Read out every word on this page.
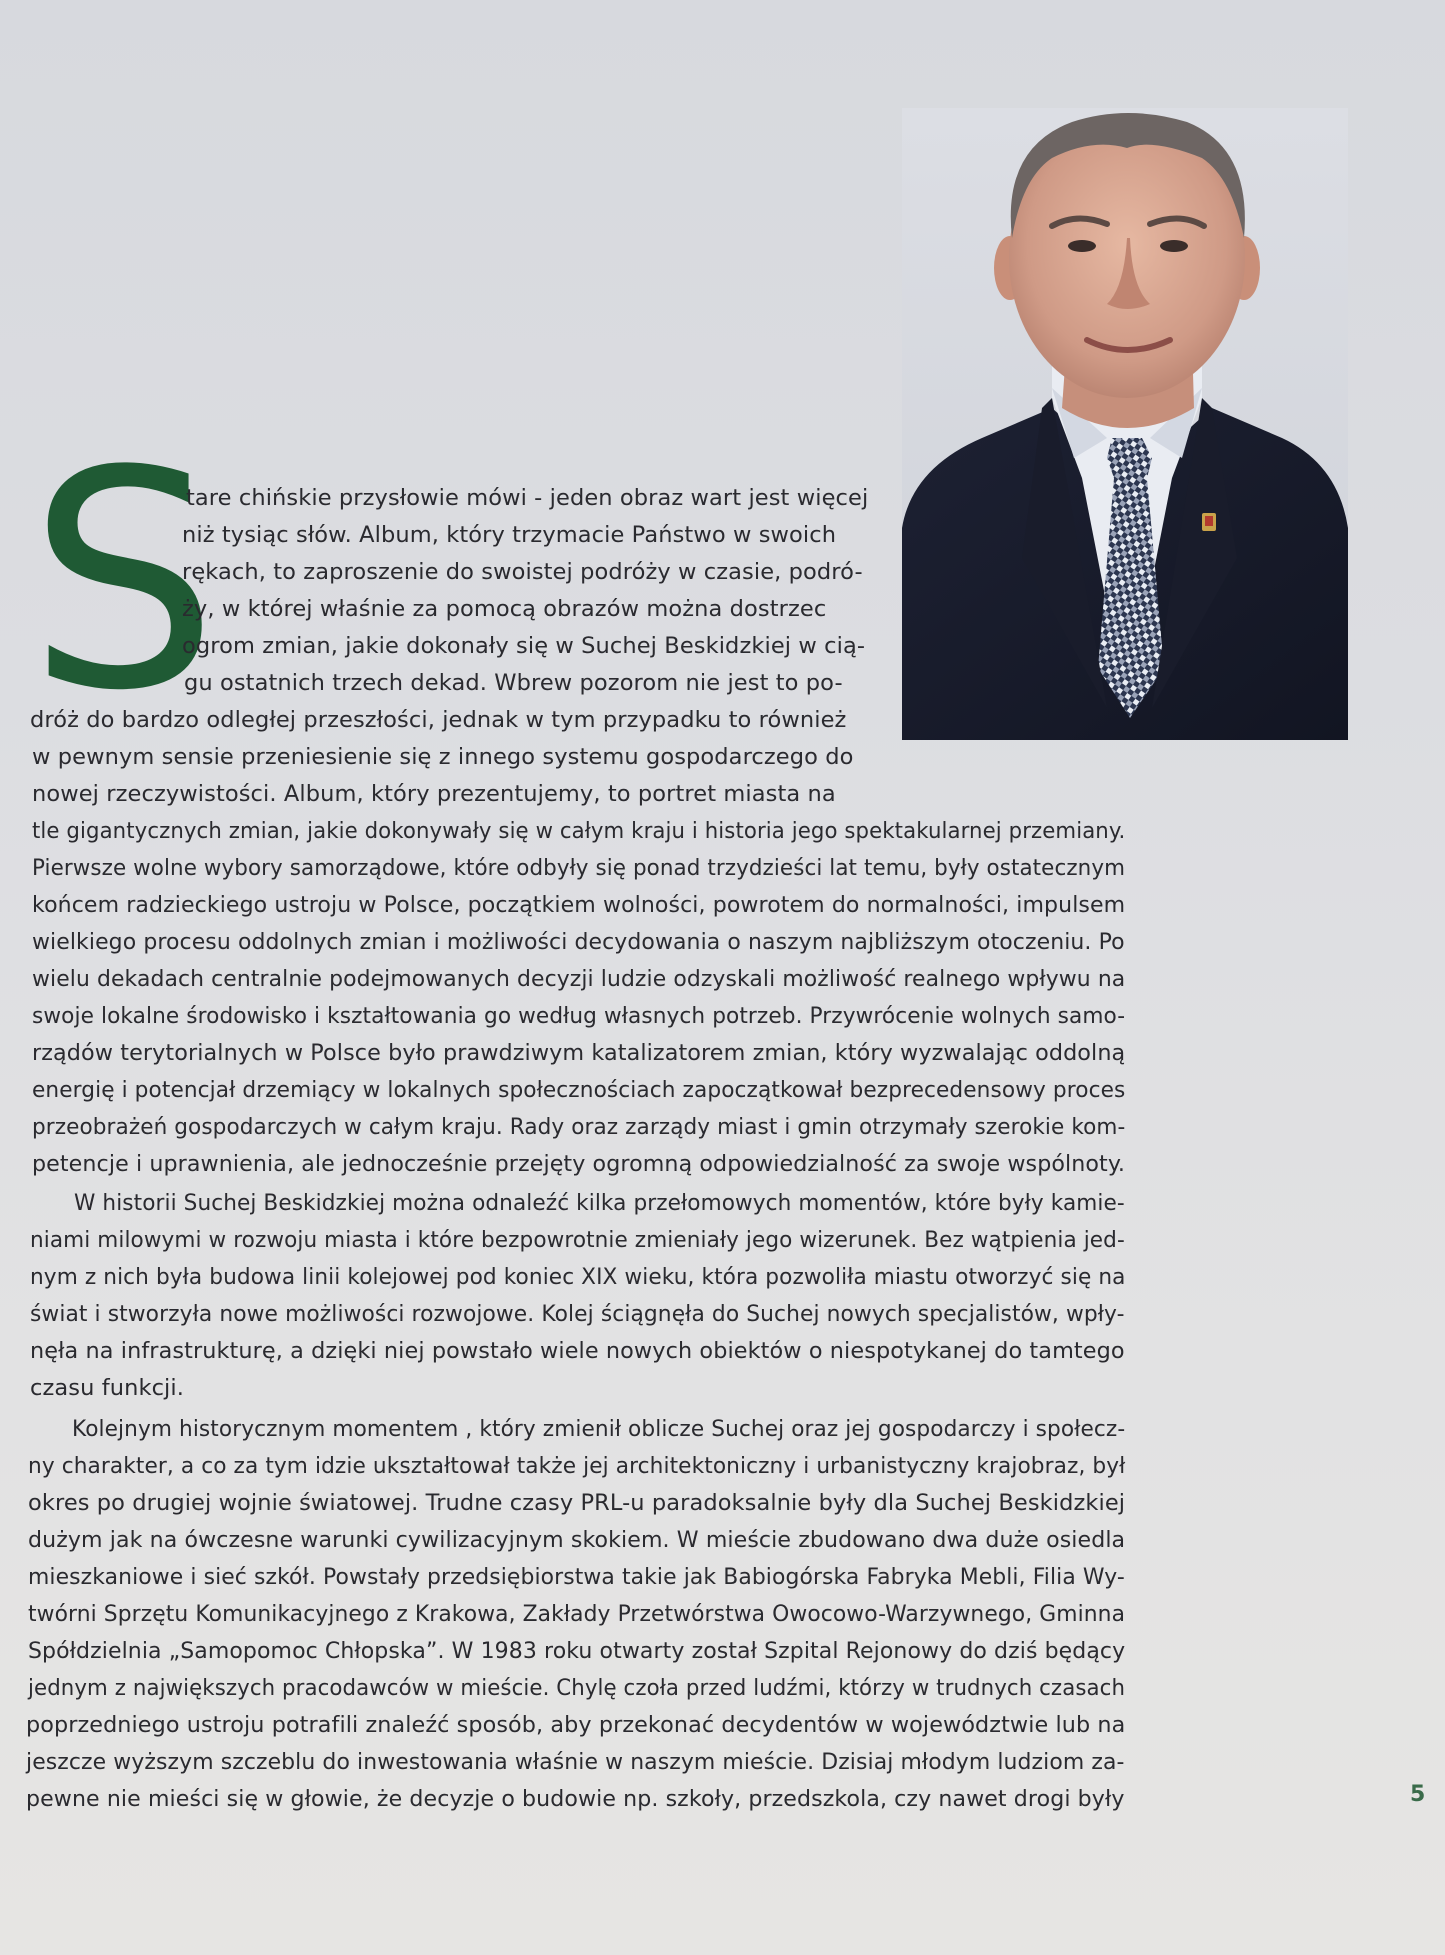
S
tare chińskie przysłowie mówi - jeden obraz wart jest więcej
niż tysiąc słów. Album, który trzymacie Państwo w swoich
rękach, to zaproszenie do swoistej podróży w czasie, podró-
ży, w której właśnie za pomocą obrazów można dostrzec
ogrom zmian, jakie dokonały się w Suchej Beskidzkiej w cią-
gu ostatnich trzech dekad. Wbrew pozorom nie jest to po-
dróż do bardzo odległej przeszłości, jednak w tym przypadku to również
w pewnym sensie przeniesienie się z innego systemu gospodarczego do
nowej rzeczywistości. Album, który prezentujemy, to portret miasta na
tle gigantycznych zmian, jakie dokonywały się w całym kraju i historia jego spektakularnej przemiany.
Pierwsze wolne wybory samorządowe, które odbyły się ponad trzydzieści lat temu, były ostatecznym
końcem radzieckiego ustroju w Polsce, początkiem wolności, powrotem do normalności, impulsem
wielkiego procesu oddolnych zmian i możliwości decydowania o naszym najbliższym otoczeniu. Po
wielu dekadach centralnie podejmowanych decyzji ludzie odzyskali możliwość realnego wpływu na
swoje lokalne środowisko i kształtowania go według własnych potrzeb. Przywrócenie wolnych samo-
rządów terytorialnych w Polsce było prawdziwym katalizatorem zmian, który wyzwalając oddolną
energię i potencjał drzemiący w lokalnych społecznościach zapoczątkował bezprecedensowy proces
przeobrażeń gospodarczych w całym kraju. Rady oraz zarządy miast i gmin otrzymały szerokie kom-
petencje i uprawnienia, ale jednocześnie przejęty ogromną odpowiedzialność za swoje wspólnoty.
W historii Suchej Beskidzkiej można odnaleźć kilka przełomowych momentów, które były kamie-
niami milowymi w rozwoju miasta i które bezpowrotnie zmieniały jego wizerunek. Bez wątpienia jed-
nym z nich była budowa linii kolejowej pod koniec XIX wieku, która pozwoliła miastu otworzyć się na
świat i stworzyła nowe możliwości rozwojowe. Kolej ściągnęła do Suchej nowych specjalistów, wpły-
nęła na infrastrukturę, a dzięki niej powstało wiele nowych obiektów o niespotykanej do tamtego
czasu funkcji.
Kolejnym historycznym momentem , który zmienił oblicze Suchej oraz jej gospodarczy i społecz-
ny charakter, a co za tym idzie ukształtował także jej architektoniczny i urbanistyczny krajobraz, był
okres po drugiej wojnie światowej. Trudne czasy PRL-u paradoksalnie były dla Suchej Beskidzkiej
dużym jak na ówczesne warunki cywilizacyjnym skokiem. W mieście zbudowano dwa duże osiedla
mieszkaniowe i sieć szkół. Powstały przedsiębiorstwa takie jak Babiogórska Fabryka Mebli, Filia Wy-
twórni Sprzętu Komunikacyjnego z Krakowa, Zakłady Przetwórstwa Owocowo-Warzywnego, Gminna
Spółdzielnia „Samopomoc Chłopska”. W 1983 roku otwarty został Szpital Rejonowy do dziś będący
jednym z największych pracodawców w mieście. Chylę czoła przed ludźmi, którzy w trudnych czasach
poprzedniego ustroju potrafili znaleźć sposób, aby przekonać decydentów w województwie lub na
jeszcze wyższym szczeblu do inwestowania właśnie w naszym mieście. Dzisiaj młodym ludziom za-
pewne nie mieści się w głowie, że decyzje o budowie np. szkoły, przedszkola, czy nawet drogi były	5
